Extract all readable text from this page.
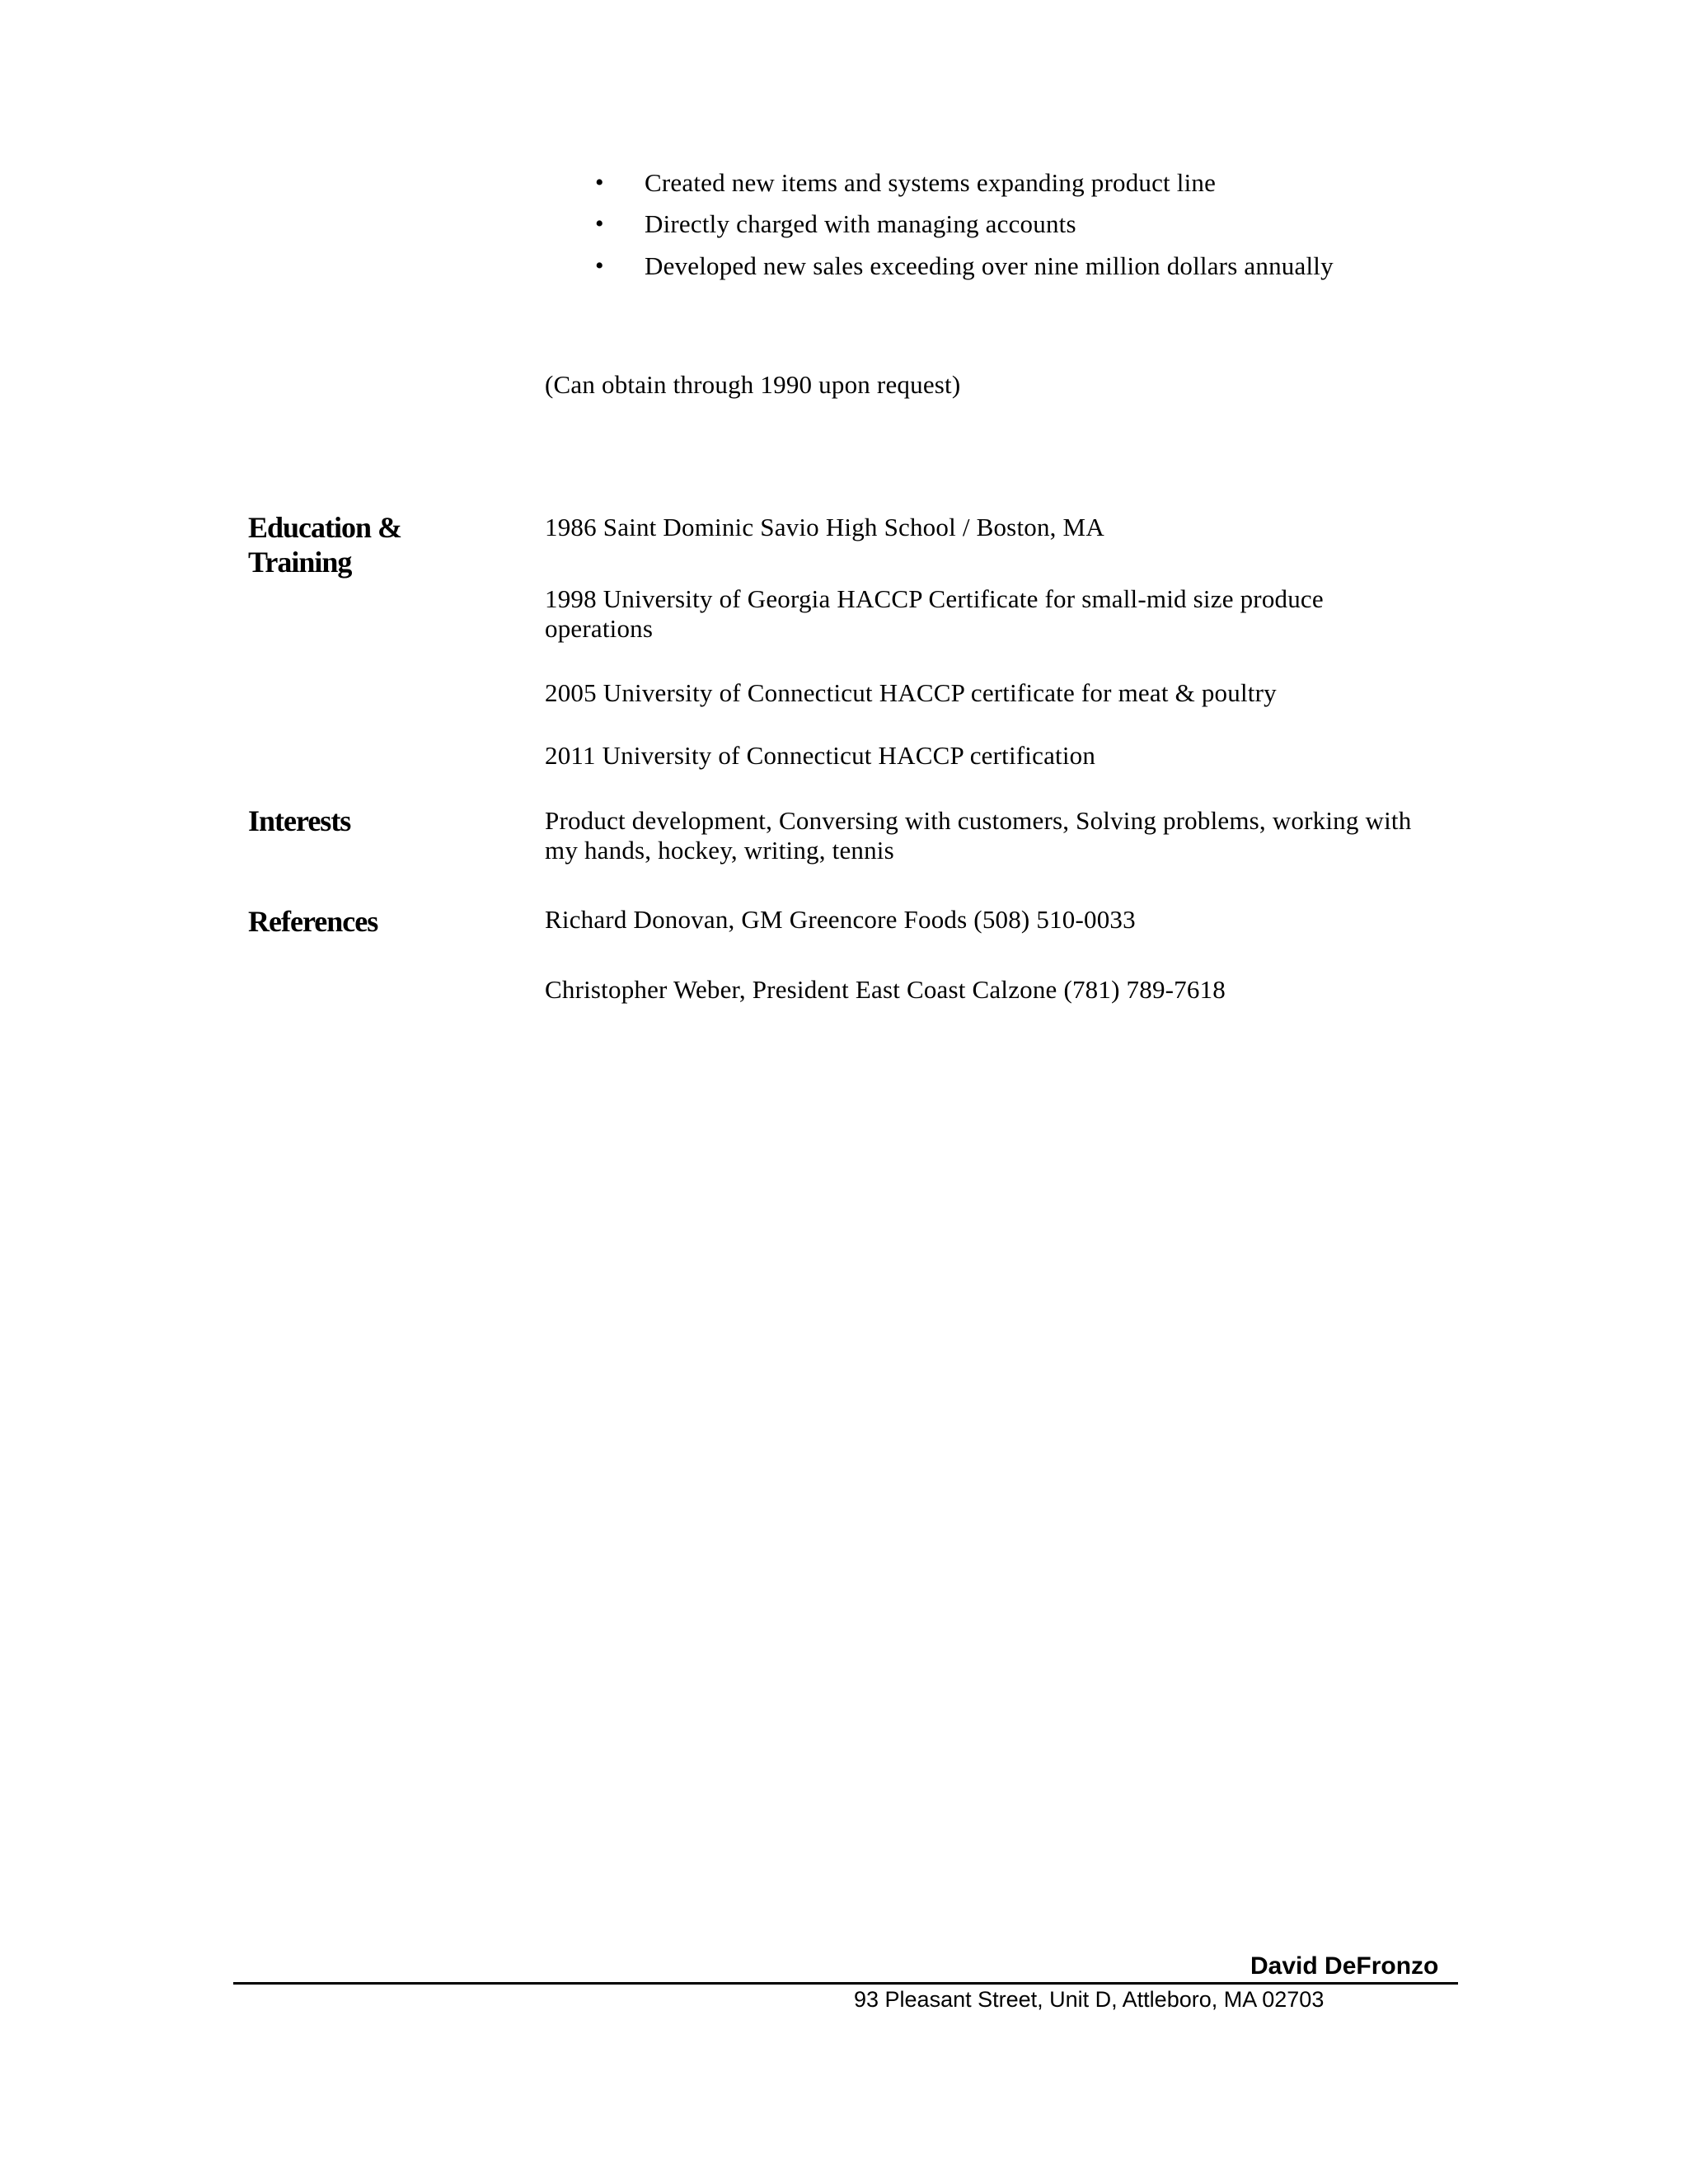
• Created new items and systems expanding product line
• Directly charged with managing accounts
• Developed new sales exceeding over nine million dollars annually
(Can obtain through 1990 upon request)
Education &
Training
1986 Saint Dominic Savio High School / Boston, MA
1998 University of Georgia HACCP Certificate for small-mid size produce operations
2005 University of Connecticut HACCP certificate for meat & poultry
2011 University of Connecticut HACCP certification
Interests	Product development, Conversing with customers, Solving problems, working with my hands, hockey, writing, tennis
References	Richard Donovan, GM Greencore Foods (508) 510-0033
Christopher Weber, President East Coast Calzone (781) 789-7618
David DeFronzo
93 Pleasant Street, Unit D, Attleboro, MA 02703
